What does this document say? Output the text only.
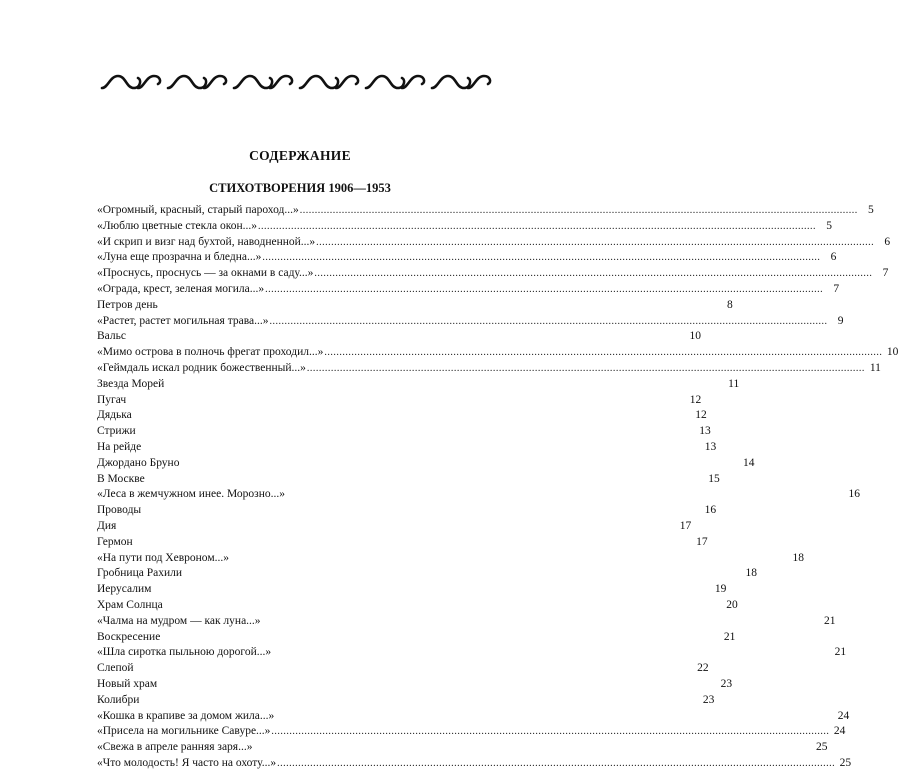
СОДЕРЖАНИЕ
СТИХОТВОРЕНИЯ 1906—1953
«Огромный, красный, старый пароход...» .....	5
«Люблю цветные стекла окон...» .....	5
«И скрип и визг над бухтой, наводненной...» .....	6
«Луна еще прозрачна и бледна...» .....	6
«Проснусь, проснусь — за окнами в саду...» .....	7
«Ограда, крест, зеленая могила...» .....	7
Петров день	8
«Растет, растет могильная трава...» .....	9
Вальс	10
«Мимо острова в полночь фрегат проходил...» .....	10
«Геймдаль искал родник божественный...» .....	11
Звезда Морей	11
Пугач	12
Дядька	12
Стрижи	13
На рейде	13
Джордано Бруно	14
В Москве	15
«Леса в жемчужном инее. Морозно...»	16
Проводы	16
Дия	17
Гермон	17
«На пути под Хевроном...»	18
Гробница Рахили	18
Иерусалим	19
Храм Солнца	20
«Чалма на мудром — как луна...»	21
Воскресение	21
«Шла сиротка пыльною дорогой...»	21
Слепой	22
Новый храм	23
Колибри	23
«Кошка в крапиве за домом жила...»	24
«Присела на могильнике Савуре...» .....	24
«Свежа в апреле ранняя заря...»	25
«Что молодость! Я часто на охоту...» .....	25
